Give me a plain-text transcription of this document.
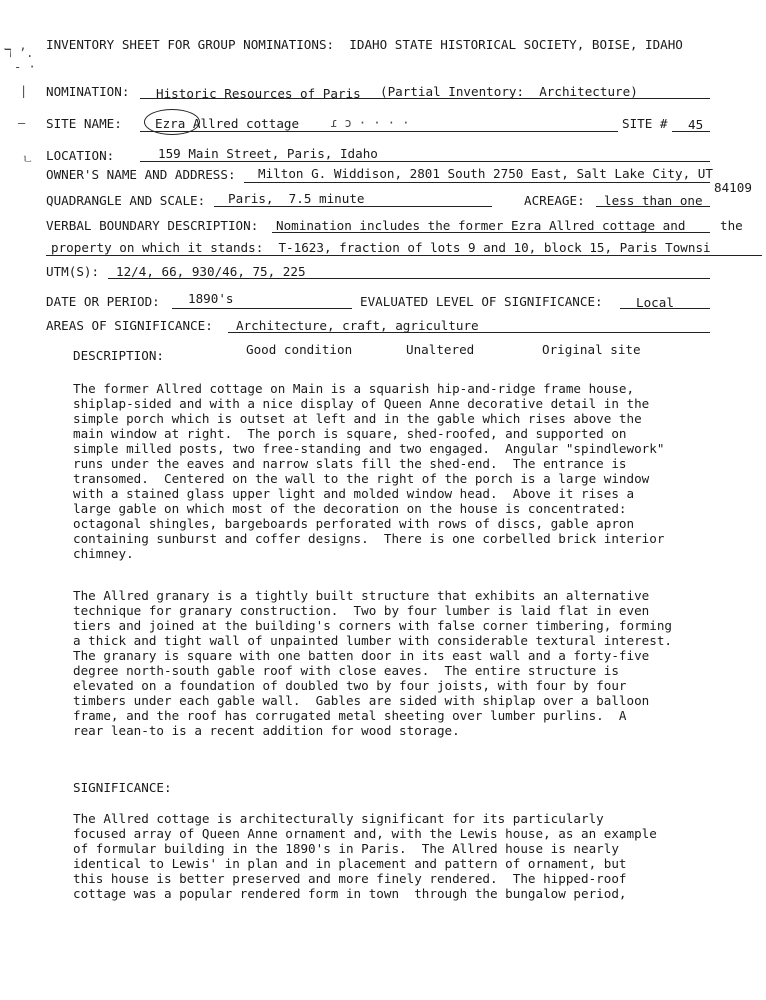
ℸ ’.
- ·
|
—
ㄴ
INVENTORY SHEET FOR GROUP NOMINATIONS:  IDAHO STATE HISTORICAL SOCIETY, BOISE, IDAHO
NOMINATION: Historic Resources of Paris (Partial Inventory:  Architecture)
SITE NAME:	Ezra Allred cottage	ɾ ɔ · · · ·	SITE # 45
LOCATION:	159 Main Street, Paris, Idaho
OWNER'S NAME AND ADDRESS: Milton G. Widdison, 2801 South 2750 East, Salt Lake City, UT
84109
QUADRANGLE AND SCALE: Paris,  7.5 minute	ACREAGE: less than one
VERBAL BOUNDARY DESCRIPTION: Nomination includes the former Ezra Allred cottage and	the
property on which it stands:  T-1623, fraction of lots 9 and 10, block 15, Paris Townsi
UTM(S): 12/4, 66, 930/46, 75, 225
DATE OR PERIOD: 1890's	EVALUATED LEVEL OF SIGNIFICANCE:	Local
AREAS OF SIGNIFICANCE: Architecture, craft, agriculture
DESCRIPTION:	Good condition	Unaltered	Original site
The former Allred cottage on Main is a squarish hip-and-ridge frame house,
shiplap-sided and with a nice display of Queen Anne decorative detail in the
simple porch which is outset at left and in the gable which rises above the
main window at right.  The porch is square, shed-roofed, and supported on
simple milled posts, two free-standing and two engaged.  Angular "spindlework"
runs under the eaves and narrow slats fill the shed-end.  The entrance is
transomed.  Centered on the wall to the right of the porch is a large window
with a stained glass upper light and molded window head.  Above it rises a
large gable on which most of the decoration on the house is concentrated:
octagonal shingles, bargeboards perforated with rows of discs, gable apron
containing sunburst and coffer designs.  There is one corbelled brick interior
chimney.
The Allred granary is a tightly built structure that exhibits an alternative
technique for granary construction.  Two by four lumber is laid flat in even
tiers and joined at the building's corners with false corner timbering, forming
a thick and tight wall of unpainted lumber with considerable textural interest.
The granary is square with one batten door in its east wall and a forty-five
degree north-south gable roof with close eaves.  The entire structure is
elevated on a foundation of doubled two by four joists, with four by four
timbers under each gable wall.  Gables are sided with shiplap over a balloon
frame, and the roof has corrugated metal sheeting over lumber purlins.  A
rear lean-to is a recent addition for wood storage.
SIGNIFICANCE:
The Allred cottage is architecturally significant for its particularly
focused array of Queen Anne ornament and, with the Lewis house, as an example
of formular building in the 1890's in Paris.  The Allred house is nearly
identical to Lewis' in plan and in placement and pattern of ornament, but
this house is better preserved and more finely rendered.  The hipped-roof
cottage was a popular rendered form in town  through the bungalow period,
